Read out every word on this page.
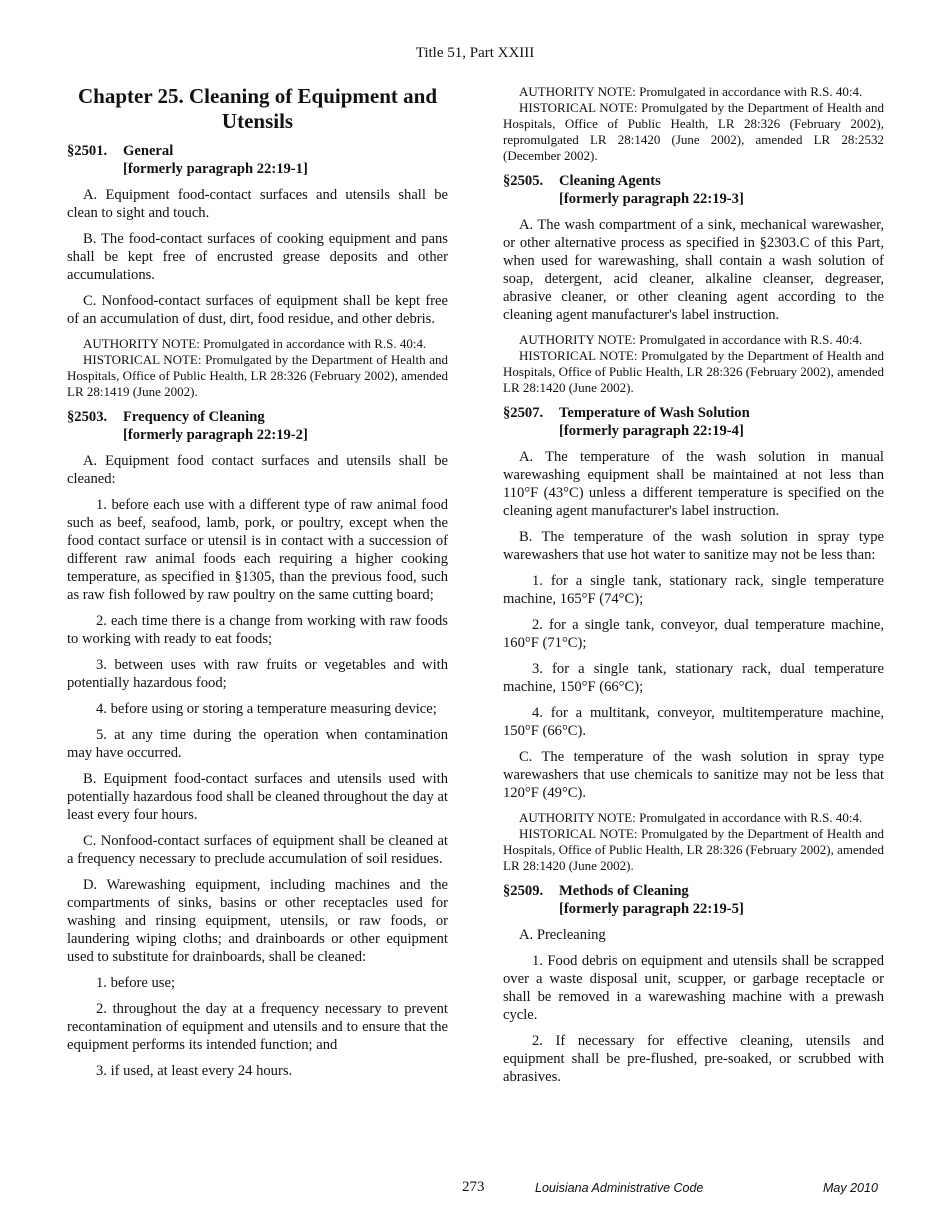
Title 51, Part XXIII
Chapter 25. Cleaning of Equipment and Utensils
§2501.	General
[formerly paragraph 22:19-1]

A. Equipment food-contact surfaces and utensils shall be clean to sight and touch.

B. The food-contact surfaces of cooking equipment and pans shall be kept free of encrusted grease deposits and other accumulations.

C. Nonfood-contact surfaces of equipment shall be kept free of an accumulation of dust, dirt, food residue, and other debris.

AUTHORITY NOTE: Promulgated in accordance with R.S. 40:4.

HISTORICAL NOTE: Promulgated by the Department of Health and Hospitals, Office of Public Health, LR 28:326 (February 2002), amended LR 28:1419 (June 2002).

§2503.	Frequency of Cleaning
[formerly paragraph 22:19-2]

A. Equipment food contact surfaces and utensils shall be cleaned:

1. before each use with a different type of raw animal food such as beef, seafood, lamb, pork, or poultry, except when the food contact surface or utensil is in contact with a succession of different raw animal foods each requiring a higher cooking temperature, as specified in §1305, than the previous food, such as raw fish followed by raw poultry on the same cutting board;

2. each time there is a change from working with raw foods to working with ready to eat foods;

3. between uses with raw fruits or vegetables and with potentially hazardous food;

4. before using or storing a temperature measuring device;

5. at any time during the operation when contamination may have occurred.

B. Equipment food-contact surfaces and utensils used with potentially hazardous food shall be cleaned throughout the day at least every four hours.

C. Nonfood-contact surfaces of equipment shall be cleaned at a frequency necessary to preclude accumulation of soil residues.

D. Warewashing equipment, including machines and the compartments of sinks, basins or other receptacles used for washing and rinsing equipment, utensils, or raw foods, or laundering wiping cloths; and drainboards or other equipment used to substitute for drainboards, shall be cleaned:

1. before use;

2. throughout the day at a frequency necessary to prevent recontamination of equipment and utensils and to ensure that the equipment performs its intended function; and

3. if used, at least every 24 hours.

AUTHORITY NOTE: Promulgated in accordance with R.S. 40:4.

HISTORICAL NOTE: Promulgated by the Department of Health and Hospitals, Office of Public Health, LR 28:326 (February 2002), repromulgated LR 28:1420 (June 2002), amended LR 28:2532 (December 2002).

§2505.	Cleaning Agents
[formerly paragraph 22:19-3]

A. The wash compartment of a sink, mechanical warewasher, or other alternative process as specified in §2303.C of this Part, when used for warewashing, shall contain a wash solution of soap, detergent, acid cleaner, alkaline cleanser, degreaser, abrasive cleaner, or other cleaning agent according to the cleaning agent manufacturer's label instruction.

AUTHORITY NOTE: Promulgated in accordance with R.S. 40:4.

HISTORICAL NOTE: Promulgated by the Department of Health and Hospitals, Office of Public Health, LR 28:326 (February 2002), amended LR 28:1420 (June 2002).

§2507.	Temperature of Wash Solution
[formerly paragraph 22:19-4]

A. The temperature of the wash solution in manual warewashing equipment shall be maintained at not less than 110°F (43°C) unless a different temperature is specified on the cleaning agent manufacturer's label instruction.

B. The temperature of the wash solution in spray type warewashers that use hot water to sanitize may not be less than:

1. for a single tank, stationary rack, single temperature machine, 165°F (74°C);

2. for a single tank, conveyor, dual temperature machine, 160°F (71°C);

3. for a single tank, stationary rack, dual temperature machine, 150°F (66°C);

4. for a multitank, conveyor, multitemperature machine, 150°F (66°C).

C. The temperature of the wash solution in spray type warewashers that use chemicals to sanitize may not be less that 120°F (49°C).

AUTHORITY NOTE: Promulgated in accordance with R.S. 40:4.

HISTORICAL NOTE: Promulgated by the Department of Health and Hospitals, Office of Public Health, LR 28:326 (February 2002), amended LR 28:1420 (June 2002).

§2509.	Methods of Cleaning
[formerly paragraph 22:19-5]

A. Precleaning

1. Food debris on equipment and utensils shall be scrapped over a waste disposal unit, scupper, or garbage receptacle or shall be removed in a warewashing machine with a prewash cycle.

2. If necessary for effective cleaning, utensils and equipment shall be pre-flushed, pre-soaked, or scrubbed with abrasives.

273	Louisiana Administrative Code	May 2010
